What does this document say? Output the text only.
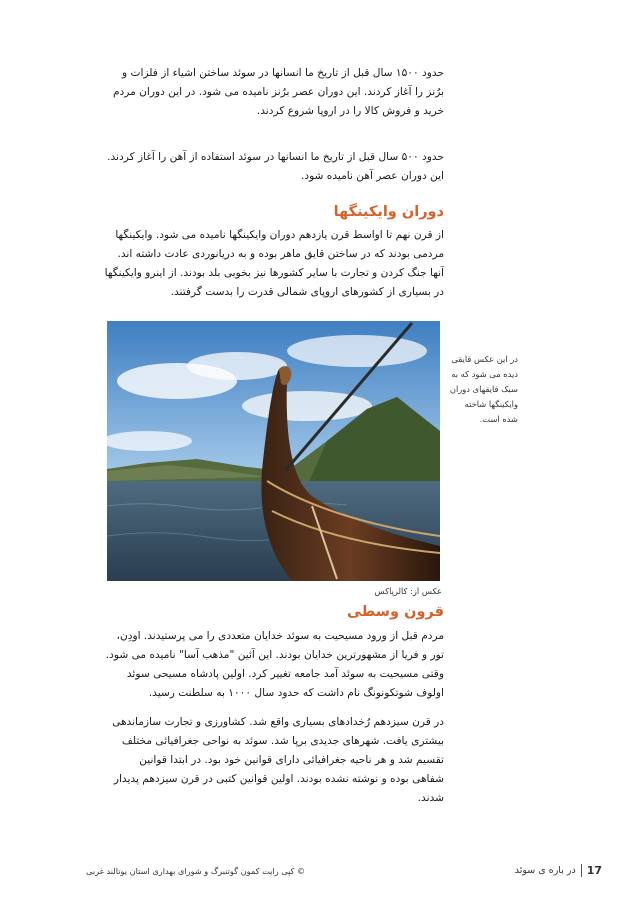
حدود ۱۵۰۰ سال قبل از تاریخ ما انسانها در سوئد ساختن اشیاء از فلزات و برُنز را آغاز کردند. این دوران عصر برُنز نامیده می شود. در این دوران مردم خرید و فروش کالا را در اروپا شروع کردند.

حدود ۵۰۰ سال قبل از تاریخ ما انسانها در سوئد استفاده از آهن را آغاز کردند. این دوران عصر آهن نامیده شود.

دوران وایکینگها

از قرن نهم تا اواسط قرن یازدهم دوران وایکینگها نامیده می شود. وایکینگها مردمی بودند که در ساختن قایق ماهر بوده و به دریانوردی عادت داشته اند. آنها جنگ کردن و تجارت با سایر کشورها نیز بخوبی بلد بودند. از اینرو وایکینگها در بسیاری از کشورهای اروپای شمالی قدرت را بدست گرفتند.

در این عکس قایقی دیده می شود که به سبک قایقهای دوران وایکینگها شاخته شده است.
عکس از: کالرپاکس
قرون وسطی

مردم قبل از ورود مسیحیت به سوئد خدایان متعددی را می پرستیدند. اودِن، تور و فریا از مشهورترین خدایان بودند. این آئین "مذهب آسا" نامیده می شود. وقتی مسیحیت به سوئد آمد جامعه تغییر کرد. اولین پادشاه مسیحی سوئد اولوف شوتکونونگ نام داشت که حدود سال ۱۰۰۰ به سلطنت رسید.

در قرن سیزدهم رُخدادهای بسیاری واقع شد. کشاورزی و تجارت سازماندهی بیشتری یافت. شهرهای جدیدی برپا شد. سوئد به نواحی جغرافیائی مختلف تقسیم شد و هر ناحیه جغرافیائی دارای قوانین خود بود. در ابتدا قوانین شفاهی بوده و نوشته نشده بودند. اولین قوانین کتبی در قرن سیزدهم پدیدار شدند.

17
در باره ی سوئد
© کپی رایت کمون گوتنبرگ و شورای بهداری استان یوتالند غربی
